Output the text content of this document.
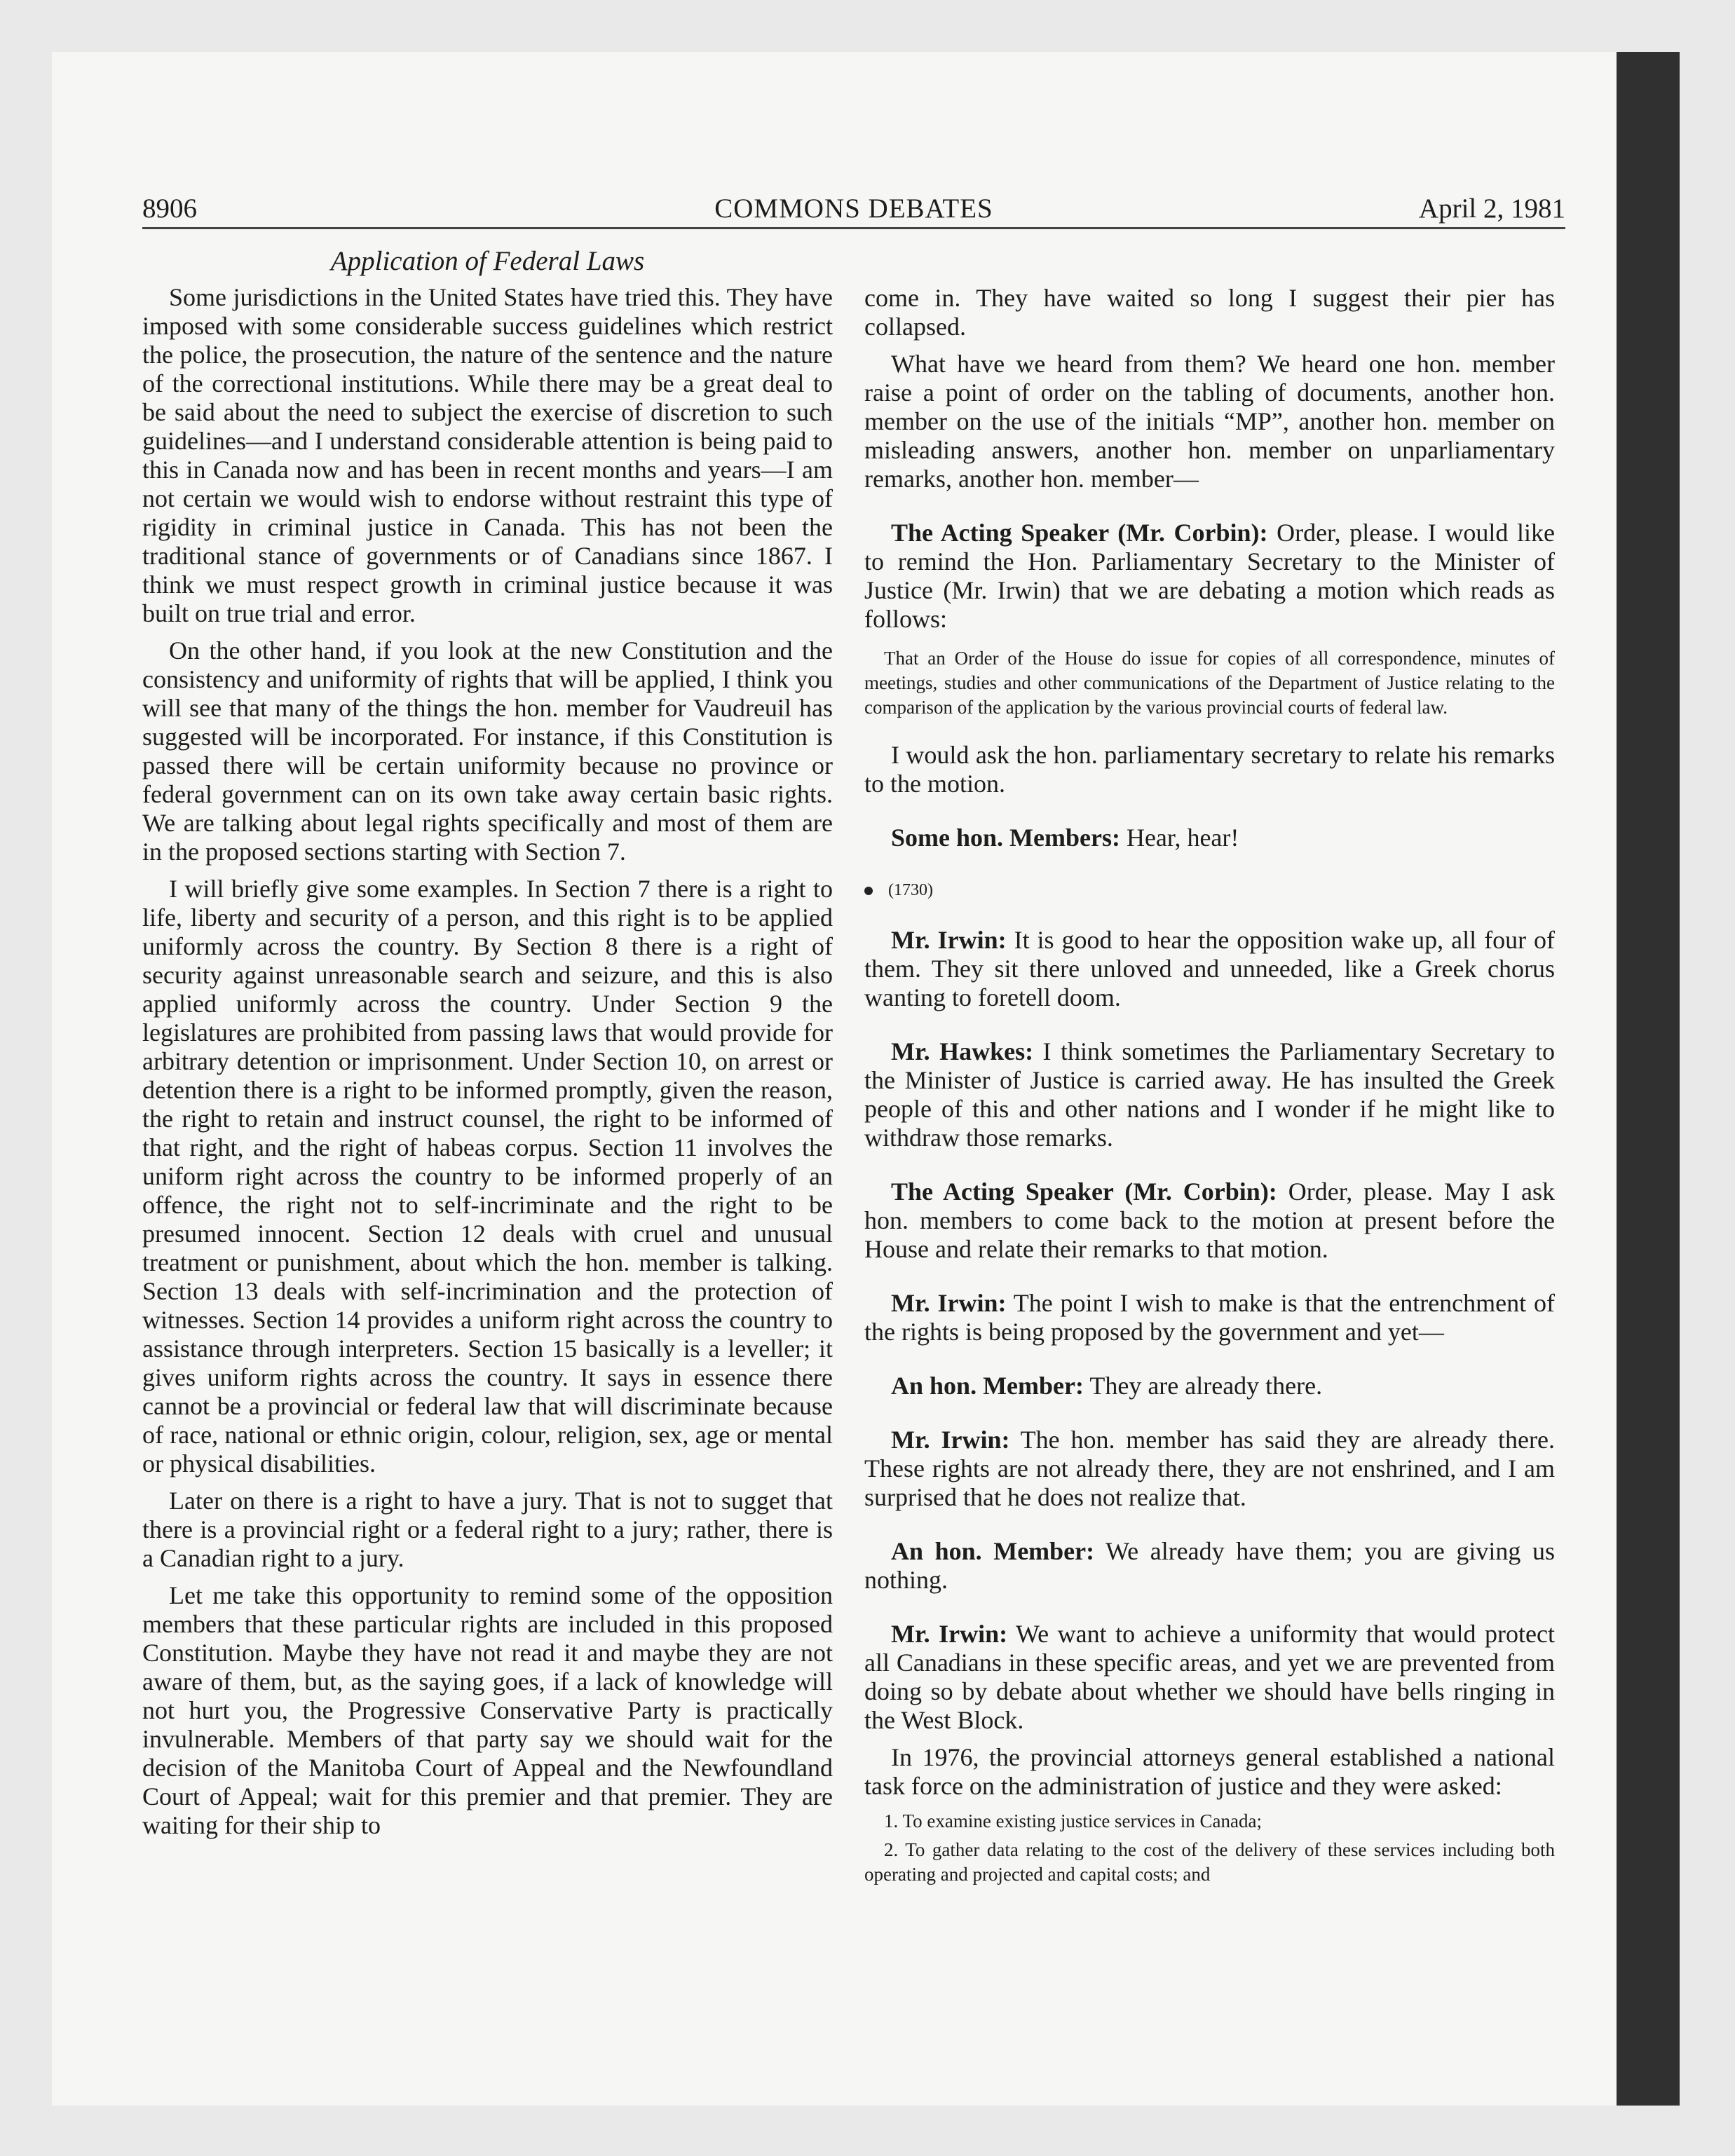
8906	COMMONS DEBATES	April 2, 1981
Application of Federal Laws

Some jurisdictions in the United States have tried this. They have imposed with some considerable success guidelines which restrict the police, the prosecution, the nature of the sentence and the nature of the correctional institutions. While there may be a great deal to be said about the need to subject the exercise of discretion to such guidelines—and I understand considerable attention is being paid to this in Canada now and has been in recent months and years—I am not certain we would wish to endorse without restraint this type of rigidity in criminal justice in Canada. This has not been the traditional stance of governments or of Canadians since 1867. I think we must respect growth in criminal justice because it was built on true trial and error.

On the other hand, if you look at the new Constitution and the consistency and uniformity of rights that will be applied, I think you will see that many of the things the hon. member for Vaudreuil has suggested will be incorporated. For instance, if this Constitution is passed there will be certain uniformity because no province or federal government can on its own take away certain basic rights. We are talking about legal rights specifically and most of them are in the proposed sections starting with Section 7.

I will briefly give some examples. In Section 7 there is a right to life, liberty and security of a person, and this right is to be applied uniformly across the country. By Section 8 there is a right of security against unreasonable search and seizure, and this is also applied uniformly across the country. Under Section 9 the legislatures are prohibited from passing laws that would provide for arbitrary detention or imprisonment. Under Section 10, on arrest or detention there is a right to be informed promptly, given the reason, the right to retain and instruct counsel, the right to be informed of that right, and the right of habeas corpus. Section 11 involves the uniform right across the country to be informed properly of an offence, the right not to self-incriminate and the right to be presumed innocent. Section 12 deals with cruel and unusual treatment or punishment, about which the hon. member is talking. Section 13 deals with self-incrimination and the protection of witnesses. Section 14 provides a uniform right across the country to assistance through interpreters. Section 15 basically is a leveller; it gives uniform rights across the country. It says in essence there cannot be a provincial or federal law that will discriminate because of race, national or ethnic origin, colour, religion, sex, age or mental or physical disabilities.

Later on there is a right to have a jury. That is not to sugget that there is a provincial right or a federal right to a jury; rather, there is a Canadian right to a jury.

Let me take this opportunity to remind some of the opposition members that these particular rights are included in this proposed Constitution. Maybe they have not read it and maybe they are not aware of them, but, as the saying goes, if a lack of knowledge will not hurt you, the Progressive Conservative Party is practically invulnerable. Members of that party say we should wait for the decision of the Manitoba Court of Appeal and the Newfoundland Court of Appeal; wait for this premier and that premier. They are waiting for their ship to

come in. They have waited so long I suggest their pier has collapsed.

What have we heard from them? We heard one hon. member raise a point of order on the tabling of documents, another hon. member on the use of the initials “MP”, another hon. member on misleading answers, another hon. member on unparliamentary remarks, another hon. member—

The Acting Speaker (Mr. Corbin): Order, please. I would like to remind the Hon. Parliamentary Secretary to the Minister of Justice (Mr. Irwin) that we are debating a motion which reads as follows:

That an Order of the House do issue for copies of all correspondence, minutes of meetings, studies and other communications of the Department of Justice relating to the comparison of the application by the various provincial courts of federal law.

I would ask the hon. parliamentary secretary to relate his remarks to the motion.

Some hon. Members: Hear, hear!

(1730)

Mr. Irwin: It is good to hear the opposition wake up, all four of them. They sit there unloved and unneeded, like a Greek chorus wanting to foretell doom.

Mr. Hawkes: I think sometimes the Parliamentary Secretary to the Minister of Justice is carried away. He has insulted the Greek people of this and other nations and I wonder if he might like to withdraw those remarks.

The Acting Speaker (Mr. Corbin): Order, please. May I ask hon. members to come back to the motion at present before the House and relate their remarks to that motion.

Mr. Irwin: The point I wish to make is that the entrenchment of the rights is being proposed by the government and yet—

An hon. Member: They are already there.

Mr. Irwin: The hon. member has said they are already there. These rights are not already there, they are not enshrined, and I am surprised that he does not realize that.

An hon. Member: We already have them; you are giving us nothing.

Mr. Irwin: We want to achieve a uniformity that would protect all Canadians in these specific areas, and yet we are prevented from doing so by debate about whether we should have bells ringing in the West Block.

In 1976, the provincial attorneys general established a national task force on the administration of justice and they were asked:

1. To examine existing justice services in Canada;

2. To gather data relating to the cost of the delivery of these services including both operating and projected and capital costs; and
